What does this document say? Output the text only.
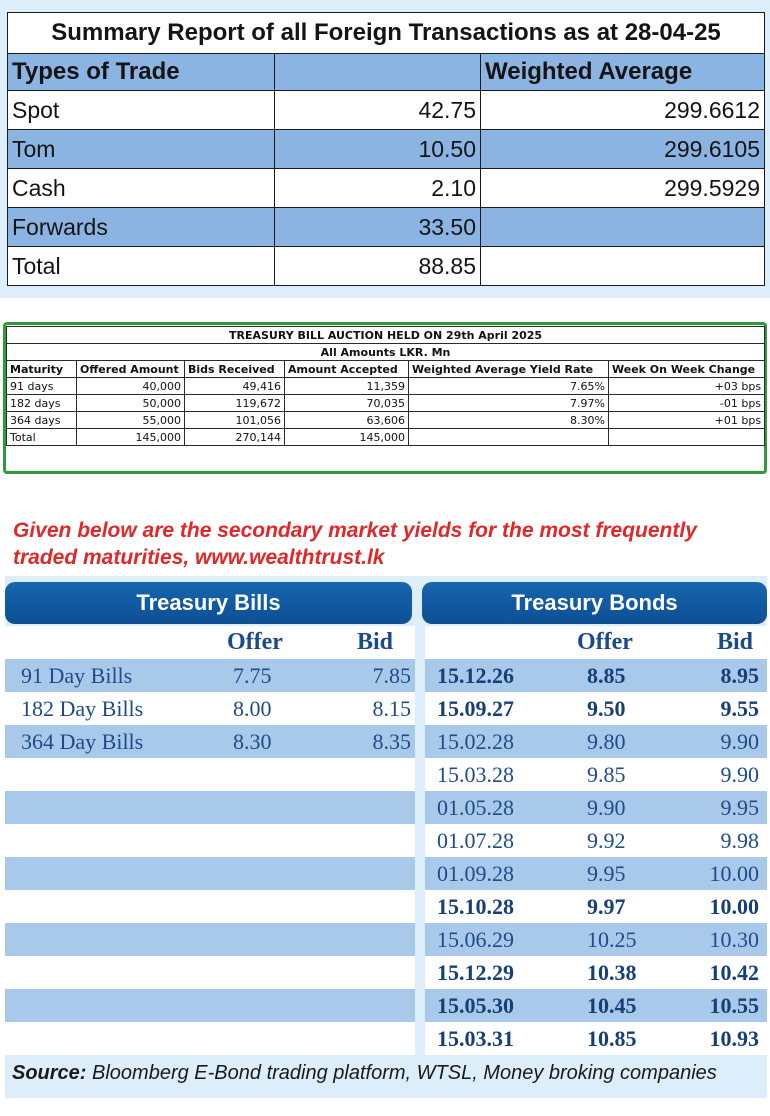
Summary Report of all Foreign Transactions as at 28-04-25		
Types of Trade		Weighted Average
Spot	42.75	299.6612
Tom	10.50	299.6105
Cash	2.10	299.5929
Forwards	33.50	
Total	88.85	
TREASURY BILL AUCTION HELD ON 29th April 2025					
All Amounts LKR. Mn					
Maturity	Offered Amount	Bids Received	Amount Accepted	Weighted Average Yield Rate	Week On Week Change
91 days	40,000	49,416	11,359	7.65%	+03 bps
182 days	50,000	119,672	70,035	7.97%	-01 bps
364 days	55,000	101,056	63,606	8.30%	+01 bps
Total	145,000	270,144	145,000		

Given below are the secondary market yields for the most frequently traded maturities, www.wealthtrust.lk

Treasury Bills	Treasury Bonds
Offer	Bid
91 Day Bills	7.75	7.85
182 Day Bills	8.00	8.15
364 Day Bills	8.30	8.35
Offer	Bid
15.12.26	8.85	8.95
15.09.27	9.50	9.55
15.02.28	9.80	9.90
15.03.28	9.85	9.90
01.05.28	9.90	9.95
01.07.28	9.92	9.98
01.09.28	9.95	10.00
15.10.28	9.97	10.00
15.06.29	10.25	10.30
15.12.29	10.38	10.42
15.05.30	10.45	10.55
15.03.31	10.85	10.93

Source: Bloomberg E-Bond trading platform, WTSL, Money broking companies
